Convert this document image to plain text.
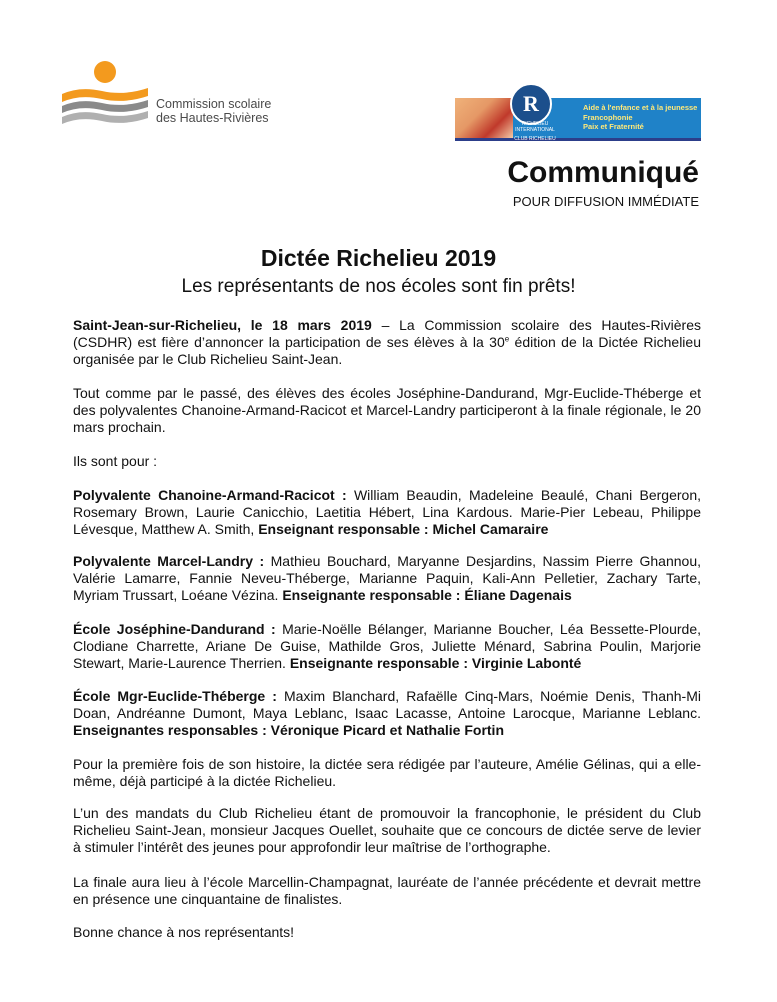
Commission scolaire
des Hautes-Rivières
R
RICHELIEU
INTERNATIONAL
CLUB RICHELIEU
ST-JEAN
Aide à l'enfance et à la jeunesse
Francophonie
Paix et Fraternité
Communiqué
POUR DIFFUSION IMMÉDIATE
Dictée Richelieu 2019
Les représentants de nos écoles sont fin prêts!
Saint-Jean-sur-Richelieu, le 18 mars 2019 – La Commission scolaire des Hautes-Rivières (CSDHR) est fière d’annoncer la participation de ses élèves à la 30e édition de la Dictée Richelieu organisée par le Club Richelieu Saint-Jean.
Tout comme par le passé, des élèves des écoles Joséphine-Dandurand, Mgr-Euclide-Théberge et des polyvalentes Chanoine-Armand-Racicot et Marcel-Landry participeront à la finale régionale, le 20 mars prochain.
Ils sont pour :
Polyvalente Chanoine-Armand-Racicot : William Beaudin, Madeleine Beaulé, Chani Bergeron, Rosemary Brown, Laurie Canicchio, Laetitia Hébert, Lina Kardous. Marie-Pier Lebeau, Philippe Lévesque, Matthew A. Smith, Enseignant responsable : Michel Camaraire
Polyvalente Marcel-Landry : Mathieu Bouchard, Maryanne Desjardins, Nassim Pierre Ghannou, Valérie Lamarre, Fannie Neveu-Théberge, Marianne Paquin, Kali-Ann Pelletier, Zachary Tarte, Myriam Trussart, Loéane Vézina. Enseignante responsable : Éliane Dagenais
École Joséphine-Dandurand : Marie-Noëlle Bélanger, Marianne Boucher, Léa Bessette-Plourde, Clodiane Charrette, Ariane De Guise, Mathilde Gros, Juliette Ménard, Sabrina Poulin, Marjorie Stewart, Marie-Laurence Therrien. Enseignante responsable : Virginie Labonté
École Mgr-Euclide-Théberge : Maxim Blanchard, Rafaëlle Cinq-Mars, Noémie Denis, Thanh-Mi Doan, Andréanne Dumont, Maya Leblanc, Isaac Lacasse, Antoine Larocque, Marianne Leblanc. Enseignantes responsables : Véronique Picard et Nathalie Fortin
Pour la première fois de son histoire, la dictée sera rédigée par l’auteure, Amélie Gélinas, qui a elle-même, déjà participé à la dictée Richelieu.
L’un des mandats du Club Richelieu étant de promouvoir la francophonie, le président du Club Richelieu Saint-Jean, monsieur Jacques Ouellet, souhaite que ce concours de dictée serve de levier à stimuler l’intérêt des jeunes pour approfondir leur maîtrise de l’orthographe.
La finale aura lieu à l’école Marcellin-Champagnat, lauréate de l’année précédente et devrait mettre en présence une cinquantaine de finalistes.
Bonne chance à nos représentants!
